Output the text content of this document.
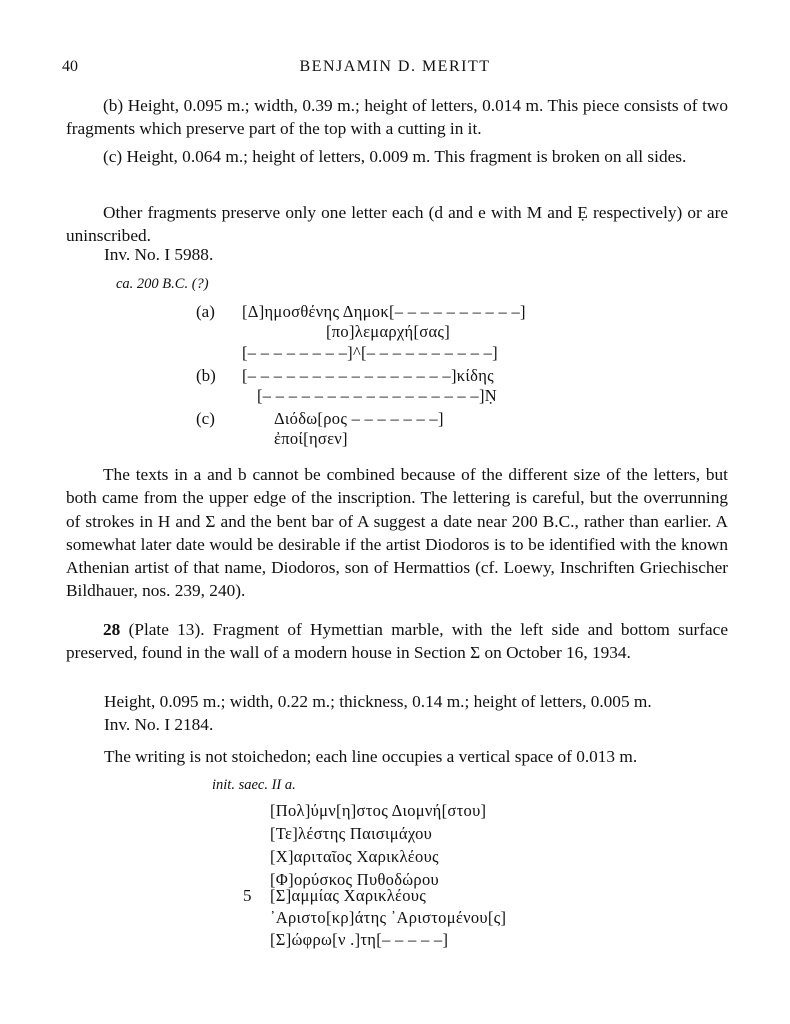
40	BENJAMIN D. MERITT

(b) Height, 0.095 m.; width, 0.39 m.; height of letters, 0.014 m. This piece consists of two fragments which preserve part of the top with a cutting in it.

(c) Height, 0.064 m.; height of letters, 0.009 m. This fragment is broken on all sides.

Other fragments preserve only one letter each (d and e with M and Ẹ respectively) or are uninscribed.

Inv. No. I 5988.
ca. 200 B.C. (?)
(a) [Δ]ημοσθένης Δημοκ[– – – – – – – – – –]
[πο]λεμαρχή[σας]
[– – – – – – – –]^[– – – – – – – – – –]
(b) [– – – – – – – – – – – – – – – –]κίδης
[– – – – – – – – – – – – – – – – –]Ṇ
(c)	Διόδω[ρος – – – – – – –]
ἐποί[ησεν]

The texts in a and b cannot be combined because of the different size of the letters, but both came from the upper edge of the inscription. The lettering is careful, but the overrunning of strokes in H and Σ and the bent bar of A suggest a date near 200 B.C., rather than earlier. A somewhat later date would be desirable if the artist Diodoros is to be identified with the known Athenian artist of that name, Diodoros, son of Hermattios (cf. Loewy, Inschriften Griechischer Bildhauer, nos. 239, 240).

28 (Plate 13). Fragment of Hymettian marble, with the left side and bottom surface preserved, found in the wall of a modern house in Section Σ on October 16, 1934.

Height, 0.095 m.; width, 0.22 m.; thickness, 0.14 m.; height of letters, 0.005 m.
Inv. No. I 2184.
The writing is not stoichedon; each line occupies a vertical space of 0.013 m.
init. saec. II a.
[Πολ]ύμν[η]στος Διομνή[στου]
[Τε]λέστης Παισιμάχου
[Χ]αριταῖος Χαρικλέους
[Φ]ορύσκος Πυθοδώρου
5 [Σ]αμμίας Χαρικλέους
᾿Αριστο[κρ]άτης ᾿Αριστομένου[ς]
[Σ]ώφρω[ν .]τη[– – – – –]
